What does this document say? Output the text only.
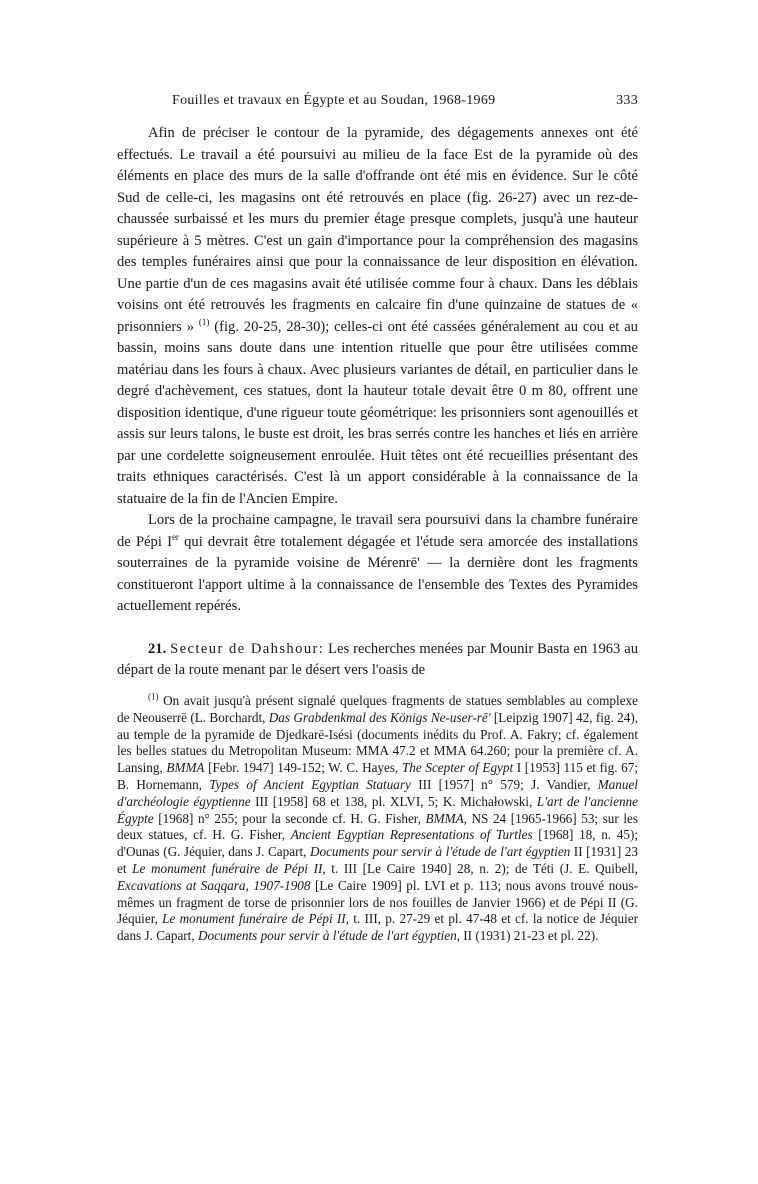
Fouilles et travaux en Égypte et au Soudan, 1968-1969	333

Afin de préciser le contour de la pyramide, des dégagements annexes ont été effectués. Le travail a été poursuivi au milieu de la face Est de la pyramide où des éléments en place des murs de la salle d'offrande ont été mis en évidence. Sur le côté Sud de celle-ci, les magasins ont été retrouvés en place (fig. 26-27) avec un rez-de-chaussée surbaissé et les murs du premier étage presque complets, jusqu'à une hauteur supérieure à 5 mètres. C'est un gain d'importance pour la compréhension des magasins des temples funéraires ainsi que pour la connaissance de leur disposition en élévation. Une partie d'un de ces magasins avait été utilisée comme four à chaux. Dans les déblais voisins ont été retrouvés les fragments en calcaire fin d'une quinzaine de statues de « prisonniers » $^{(1)}$ (fig. 20-25, 28-30); celles-ci ont été cassées généralement au cou et au bassin, moins sans doute dans une intention rituelle que pour être utilisées comme matériau dans les fours à chaux. Avec plusieurs variantes de détail, en particulier dans le degré d'achèvement, ces statues, dont la hauteur totale devait être 0 m 80, offrent une disposition identique, d'une rigueur toute géométrique: les prisonniers sont agenouillés et assis sur leurs talons, le buste est droit, les bras serrés contre les hanches et liés en arrière par une cordelette soigneusement enroulée. Huit têtes ont été recueillies présentant des traits ethniques caractérisés. C'est là un apport considérable à la connaissance de la statuaire de la fin de l'Ancien Empire.

Lors de la prochaine campagne, le travail sera poursuivi dans la chambre funéraire de Pépi Ier qui devrait être totalement dégagée et l'étude sera amorcée des installations souterraines de la pyramide voisine de Mérenrē' — la dernière dont les fragments constitueront l'apport ultime à la connaissance de l'ensemble des Textes des Pyramides actuellement repérés.

21. Secteur de Dahshour: Les recherches menées par Mounir Basta en 1963 au départ de la route menant par le désert vers l'oasis de

$^{(1)}$ On avait jusqu'à présent signalé quelques fragments de statues semblables au complexe de Neouserrē (L. Borchardt, Das Grabdenkmal des Königs Ne-user-rē' [Leipzig 1907] 42, fig. 24), au temple de la pyramide de Djedkarē-Isési (documents inédits du Prof. A. Fakry; cf. également les belles statues du Metropolitan Museum: MMA 47.2 et MMA 64.260; pour la première cf. A. Lansing, BMMA [Febr. 1947] 149-152; W. C. Hayes, The Scepter of Egypt I [1953] 115 et fig. 67; B. Hornemann, Types of Ancient Egyptian Statuary III [1957] n° 579; J. Vandier, Manuel d'archéologie égyptienne III [1958] 68 et 138, pl. XLVI, 5; K. Michałowski, L'art de l'ancienne Égypte [1968] n° 255; pour la seconde cf. H. G. Fisher, BMMA, NS 24 [1965-1966] 53; sur les deux statues, cf. H. G. Fisher, Ancient Egyptian Representations of Turtles [1968] 18, n. 45); d'Ounas (G. Jéquier, dans J. Capart, Documents pour servir à l'étude de l'art égyptien II [1931] 23 et Le monument funéraire de Pépi II, t. III [Le Caire 1940] 28, n. 2); de Téti (J. E. Quibell, Excavations at Saqqara, 1907-1908 [Le Caire 1909] pl. LVI et p. 113; nous avons trouvé nous-mêmes un fragment de torse de prisonnier lors de nos fouilles de Janvier 1966) et de Pépi II (G. Jéquier, Le monument funéraire de Pépi II, t. III, p. 27-29 et pl. 47-48 et cf. la notice de Jéquier dans J. Capart, Documents pour servir à l'étude de l'art égyptien, II (1931) 21-23 et pl. 22).
